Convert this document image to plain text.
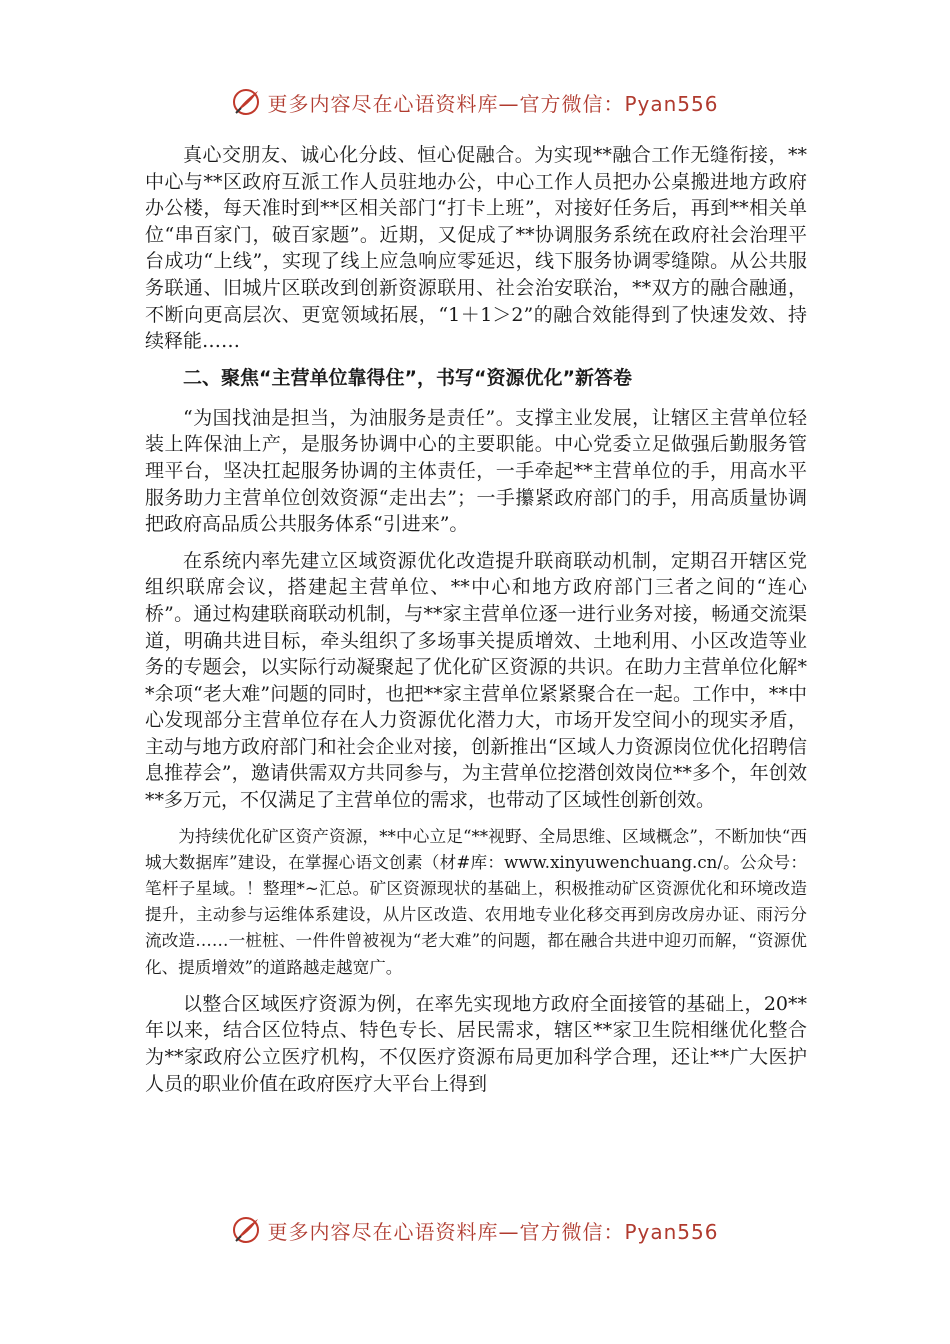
更多内容尽在心语资料库—官方微信：Pyan556

真心交朋友、诚心化分歧、恒心促融合。为实现**融合工作无缝衔接，**中心与**区政府互派工作人员驻地办公，中心工作人员把办公桌搬进地方政府办公楼，每天准时到**区相关部门“打卡上班”，对接好任务后，再到**相关单位“串百家门，破百家题”。近期，又促成了**协调服务系统在政府社会治理平台成功“上线”，实现了线上应急响应零延迟，线下服务协调零缝隙。从公共服务联通、旧城片区联改到创新资源联用、社会治安联治，**双方的融合融通，不断向更高层次、更宽领域拓展，“1＋1＞2”的融合效能得到了快速发效、持续释能……

二、聚焦“主营单位靠得住”，书写“资源优化”新答卷

“为国找油是担当，为油服务是责任”。支撑主业发展，让辖区主营单位轻装上阵保油上产，是服务协调中心的主要职能。中心党委立足做强后勤服务管理平台，坚决扛起服务协调的主体责任，一手牵起**主营单位的手，用高水平服务助力主营单位创效资源“走出去”；一手攥紧政府部门的手，用高质量协调把政府高品质公共服务体系“引进来”。

在系统内率先建立区域资源优化改造提升联商联动机制，定期召开辖区党组织联席会议，搭建起主营单位、**中心和地方政府部门三者之间的“连心桥”。通过构建联商联动机制，与**家主营单位逐一进行业务对接，畅通交流渠道，明确共进目标，牵头组织了多场事关提质增效、土地利用、小区改造等业务的专题会，以实际行动凝聚起了优化矿区资源的共识。在助力主营单位化解**余项“老大难”问题的同时，也把**家主营单位紧紧聚合在一起。工作中，**中心发现部分主营单位存在人力资源优化潜力大，市场开发空间小的现实矛盾，主动与地方政府部门和社会企业对接，创新推出“区域人力资源岗位优化招聘信息推荐会”，邀请供需双方共同参与，为主营单位挖潜创效岗位**多个，年创效**多万元，不仅满足了主营单位的需求，也带动了区域性创新创效。

为持续优化矿区资产资源，**中心立足“**视野、全局思维、区域概念”，不断加快“西城大数据库”建设，在掌握心语文创素（材#库：www.xinyuwenchuang.cn/。公众号：笔杆子星域。！整理*~汇总。矿区资源现状的基础上，积极推动矿区资源优化和环境改造提升，主动参与运维体系建设，从片区改造、农用地专业化移交再到房改房办证、雨污分流改造……一桩桩、一件件曾被视为“老大难”的问题，都在融合共进中迎刃而解，“资源优化、提质增效”的道路越走越宽广。

以整合区域医疗资源为例，在率先实现地方政府全面接管的基础上，20**年以来，结合区位特点、特色专长、居民需求，辖区**家卫生院相继优化整合为**家政府公立医疗机构，不仅医疗资源布局更加科学合理，还让**广大医护人员的职业价值在政府医疗大平台上得到

更多内容尽在心语资料库—官方微信：Pyan556
